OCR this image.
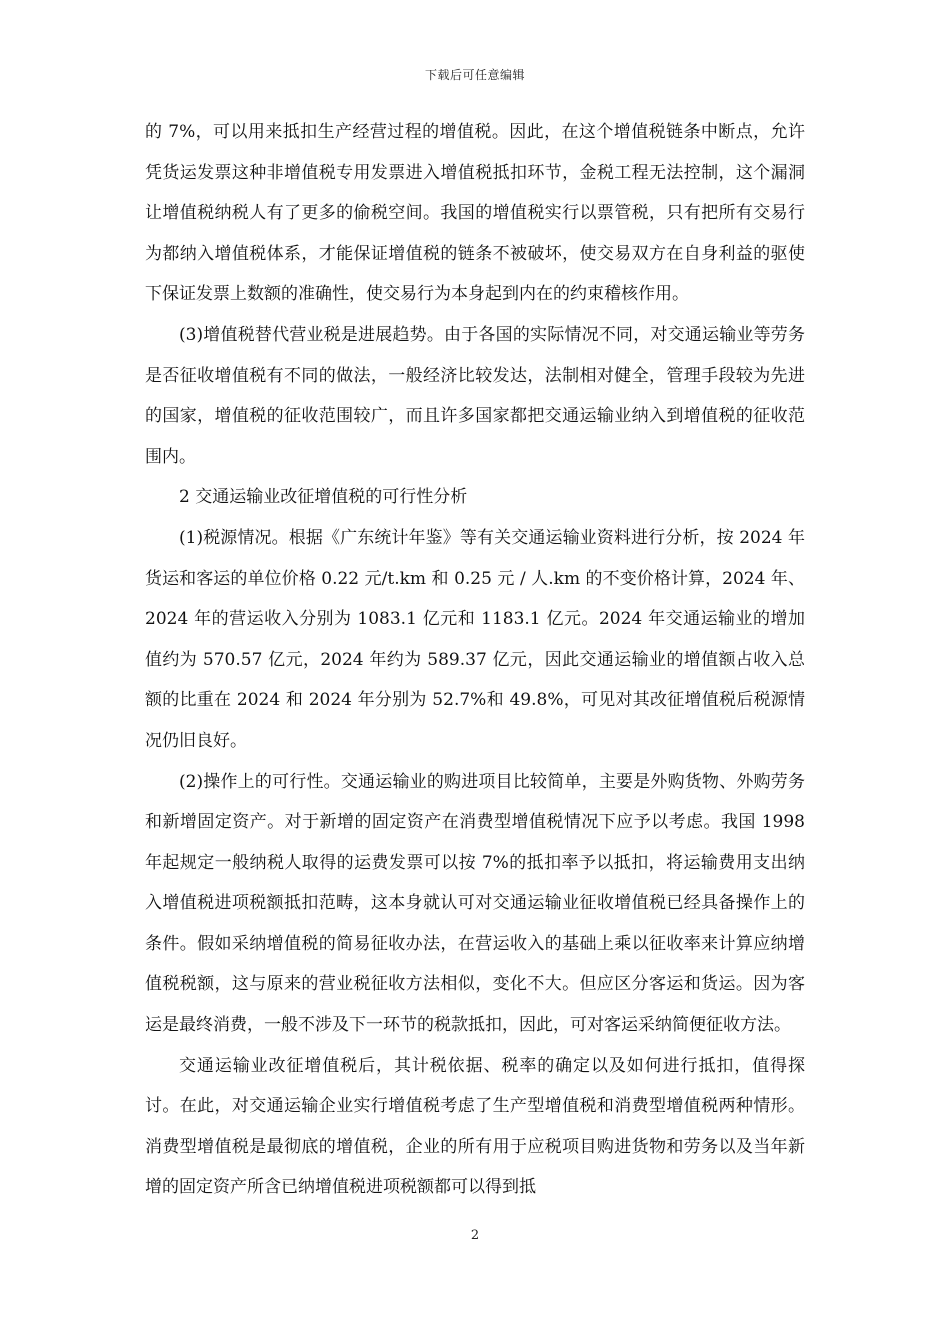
下载后可任意编辑

的 7%，可以用来抵扣生产经营过程的增值税。因此，在这个增值税链条中断点，允许凭货运发票这种非增值税专用发票进入增值税抵扣环节，金税工程无法控制，这个漏洞让增值税纳税人有了更多的偷税空间。我国的增值税实行以票管税，只有把所有交易行为都纳入增值税体系，才能保证增值税的链条不被破坏，使交易双方在自身利益的驱使下保证发票上数额的准确性，使交易行为本身起到内在的约束稽核作用。

(3)增值税替代营业税是进展趋势。由于各国的实际情况不同，对交通运输业等劳务是否征收增值税有不同的做法，一般经济比较发达，法制相对健全，管理手段较为先进的国家，增值税的征收范围较广，而且许多国家都把交通运输业纳入到增值税的征收范围内。

2 交通运输业改征增值税的可行性分析

(1)税源情况。根据《广东统计年鉴》等有关交通运输业资料进行分析，按 2024 年货运和客运的单位价格 0.22 元/t.km 和 0.25 元 / 人.km 的不变价格计算，2024 年、2024 年的营运收入分别为 1083.1 亿元和 1183.1 亿元。2024 年交通运输业的增加值约为 570.57 亿元，2024 年约为 589.37 亿元，因此交通运输业的增值额占收入总额的比重在 2024 和 2024 年分别为 52.7%和 49.8%，可见对其改征增值税后税源情况仍旧良好。

(2)操作上的可行性。交通运输业的购进项目比较简单，主要是外购货物、外购劳务和新增固定资产。对于新增的固定资产在消费型增值税情况下应予以考虑。我国 1998 年起规定一般纳税人取得的运费发票可以按 7%的抵扣率予以抵扣，将运输费用支出纳入增值税进项税额抵扣范畴，这本身就认可对交通运输业征收增值税已经具备操作上的条件。假如采纳增值税的简易征收办法，在营运收入的基础上乘以征收率来计算应纳增值税税额，这与原来的营业税征收方法相似，变化不大。但应区分客运和货运。因为客运是最终消费，一般不涉及下一环节的税款抵扣，因此，可对客运采纳简便征收方法。

交通运输业改征增值税后，其计税依据、税率的确定以及如何进行抵扣，值得探讨。在此，对交通运输企业实行增值税考虑了生产型增值税和消费型增值税两种情形。消费型增值税是最彻底的增值税，企业的所有用于应税项目购进货物和劳务以及当年新增的固定资产所含已纳增值税进项税额都可以得到抵

2
